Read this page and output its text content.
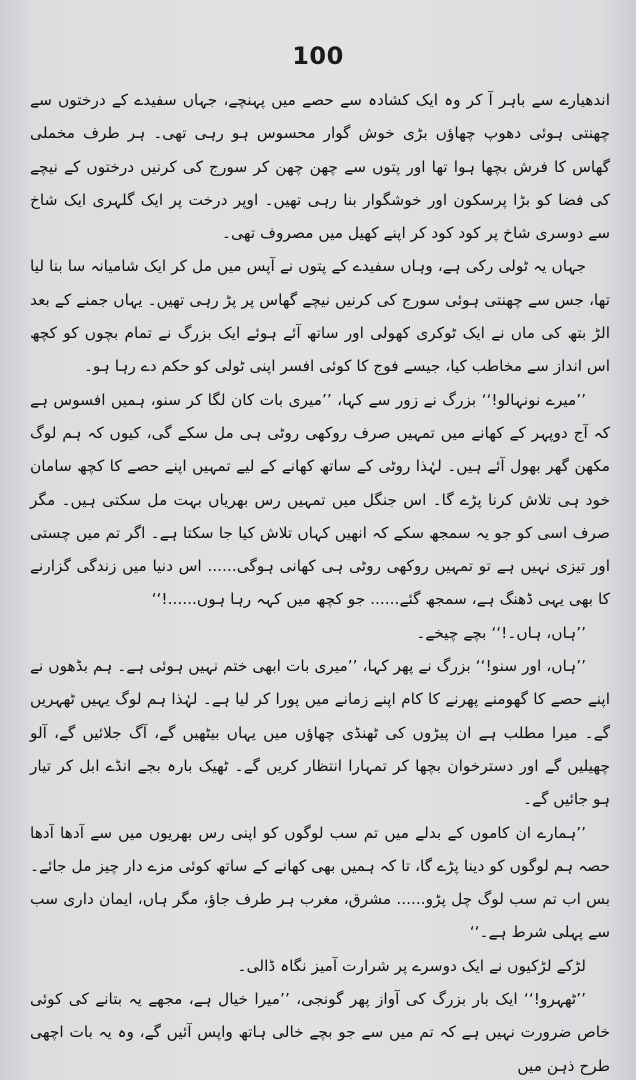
100

اندھیارے سے باہر آ کر وہ ایک کشادہ سے حصے میں پہنچے، جہاں سفیدے کے درختوں سے چھنتی ہوئی دھوپ چھاؤں بڑی خوش گوار محسوس ہو رہی تھی۔ ہر طرف مخملی گھاس کا فرش بچھا ہوا تھا اور پتوں سے چھن چھن کر سورج کی کرنیں درختوں کے نیچے کی فضا کو بڑا پرسکون اور خوشگوار بنا رہی تھیں۔ اوپر درخت پر ایک گلہری ایک شاخ سے دوسری شاخ پر کود کود کر اپنے کھیل میں مصروف تھی۔

جہاں یہ ٹولی رکی ہے، وہاں سفیدے کے پتوں نے آپس میں مل کر ایک شامیانہ سا بنا لیا تھا، جس سے چھنتی ہوئی سورج کی کرنیں نیچے گھاس پر پڑ رہی تھیں۔ یہاں جمنے کے بعد الڑ بتھ کی ماں نے ایک ٹوکری کھولی اور ساتھ آئے ہوئے ایک بزرگ نے تمام بچوں کو کچھ اس انداز سے مخاطب کیا، جیسے فوج کا کوئی افسر اپنی ٹولی کو حکم دے رہا ہو۔

’’میرے نونہالو!‘‘ بزرگ نے زور سے کہا، ’’میری بات کان لگا کر سنو، ہمیں افسوس ہے کہ آج دوپہر کے کھانے میں تمہیں صرف روکھی روٹی ہی مل سکے گی، کیوں کہ ہم لوگ مکھن گھر بھول آئے ہیں۔ لہٰذا روٹی کے ساتھ کھانے کے لیے تمہیں اپنے حصے کا کچھ سامان خود ہی تلاش کرنا پڑے گا۔ اس جنگل میں تمہیں رس بھریاں بہت مل سکتی ہیں۔ مگر صرف اسی کو جو یہ سمجھ سکے کہ انھیں کہاں تلاش کیا جا سکتا ہے۔ اگر تم میں چستی اور تیزی نہیں ہے تو تمہیں روکھی روٹی ہی کھانی ہوگی...... اس دنیا میں زندگی گزارنے کا بھی یہی ڈھنگ ہے، سمجھ گئے...... جو کچھ میں کہہ رہا ہوں......!‘‘

’’ہاں، ہاں۔!‘‘ بچے چیخے۔

’’ہاں، اور سنو!‘‘ بزرگ نے پھر کہا، ’’میری بات ابھی ختم نہیں ہوئی ہے۔ ہم بڈھوں نے اپنے حصے کا گھومنے پھرنے کا کام اپنے زمانے میں پورا کر لیا ہے۔ لہٰذا ہم لوگ یہیں ٹھہریں گے۔ میرا مطلب ہے ان پیڑوں کی ٹھنڈی چھاؤں میں یہاں بیٹھیں گے، آگ جلائیں گے، آلو چھیلیں گے اور دسترخوان بچھا کر تمہارا انتظار کریں گے۔ ٹھیک بارہ بجے انڈے ابل کر تیار ہو جائیں گے۔

’’ہمارے ان کاموں کے بدلے میں تم سب لوگوں کو اپنی رس بھریوں میں سے آدھا آدھا حصہ ہم لوگوں کو دینا پڑے گا، تا کہ ہمیں بھی کھانے کے ساتھ کوئی مزے دار چیز مل جائے۔ بس اب تم سب لوگ چل پڑو...... مشرق، مغرب ہر طرف جاؤ، مگر ہاں، ایمان داری سب سے پہلی شرط ہے۔‘‘

لڑکے لڑکیوں نے ایک دوسرے پر شرارت آمیز نگاہ ڈالی۔

’’ٹھہرو!‘‘ ایک بار بزرگ کی آواز پھر گونجی، ’’میرا خیال ہے، مجھے یہ بتانے کی کوئی خاص ضرورت نہیں ہے کہ تم میں سے جو بچے خالی ہاتھ واپس آئیں گے، وہ یہ بات اچھی طرح ذہن میں
